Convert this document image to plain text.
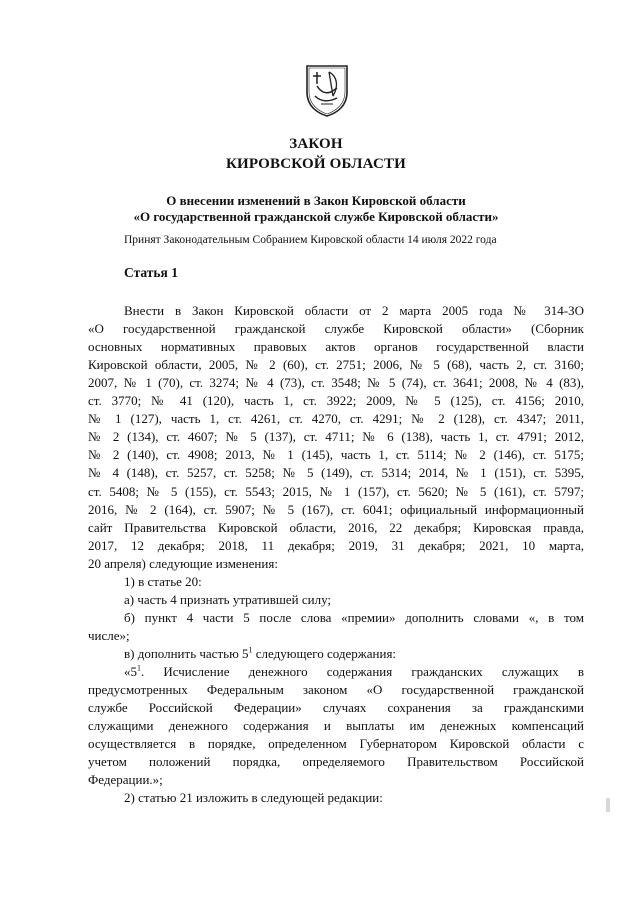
ЗАКОН
КИРОВСКОЙ ОБЛАСТИ
О внесении изменений в Закон Кировской области
«О государственной гражданской службе Кировской области»
Принят Законодательным Собранием Кировской области 14 июля 2022 года
Статья 1
Внести в Закон Кировской области от 2 марта 2005 года № 314-ЗО
«О государственной гражданской службе Кировской области» (Сборник
основных нормативных правовых актов органов государственной власти
Кировской области, 2005, № 2 (60), ст. 2751; 2006, № 5 (68), часть 2, ст. 3160;
2007, № 1 (70), ст. 3274; № 4 (73), ст. 3548; № 5 (74), ст. 3641; 2008, № 4 (83),
ст. 3770; № 41 (120), часть 1, ст. 3922; 2009, № 5 (125), ст. 4156; 2010,
№ 1 (127), часть 1, ст. 4261, ст. 4270, ст. 4291; № 2 (128), ст. 4347; 2011,
№ 2 (134), ст. 4607; № 5 (137), ст. 4711; № 6 (138), часть 1, ст. 4791; 2012,
№ 2 (140), ст. 4908; 2013, № 1 (145), часть 1, ст. 5114; № 2 (146), ст. 5175;
№ 4 (148), ст. 5257, ст. 5258; № 5 (149), ст. 5314; 2014, № 1 (151), ст. 5395,
ст. 5408; № 5 (155), ст. 5543; 2015, № 1 (157), ст. 5620; № 5 (161), ст. 5797;
2016, № 2 (164), ст. 5907; № 5 (167), ст. 6041; официальный информационный
сайт Правительства Кировской области, 2016, 22 декабря; Кировская правда,
2017, 12 декабря; 2018, 11 декабря; 2019, 31 декабря; 2021, 10 марта,
20 апреля) следующие изменения:
1) в статье 20:
а) часть 4 признать утратившей силу;
б) пункт 4 части 5 после слова «премии» дополнить словами «, в том
числе»;
в) дополнить частью $5^1$ следующего содержания:
«$5^1$. Исчисление денежного содержания гражданских служащих в
предусмотренных Федеральным законом «О государственной гражданской
службе Российской Федерации» случаях сохранения за гражданскими
служащими денежного содержания и выплаты им денежных компенсаций
осуществляется в порядке, определенном Губернатором Кировской области с
учетом положений порядка, определяемого Правительством Российской
Федерации.»;
2) статью 21 изложить в следующей редакции:
